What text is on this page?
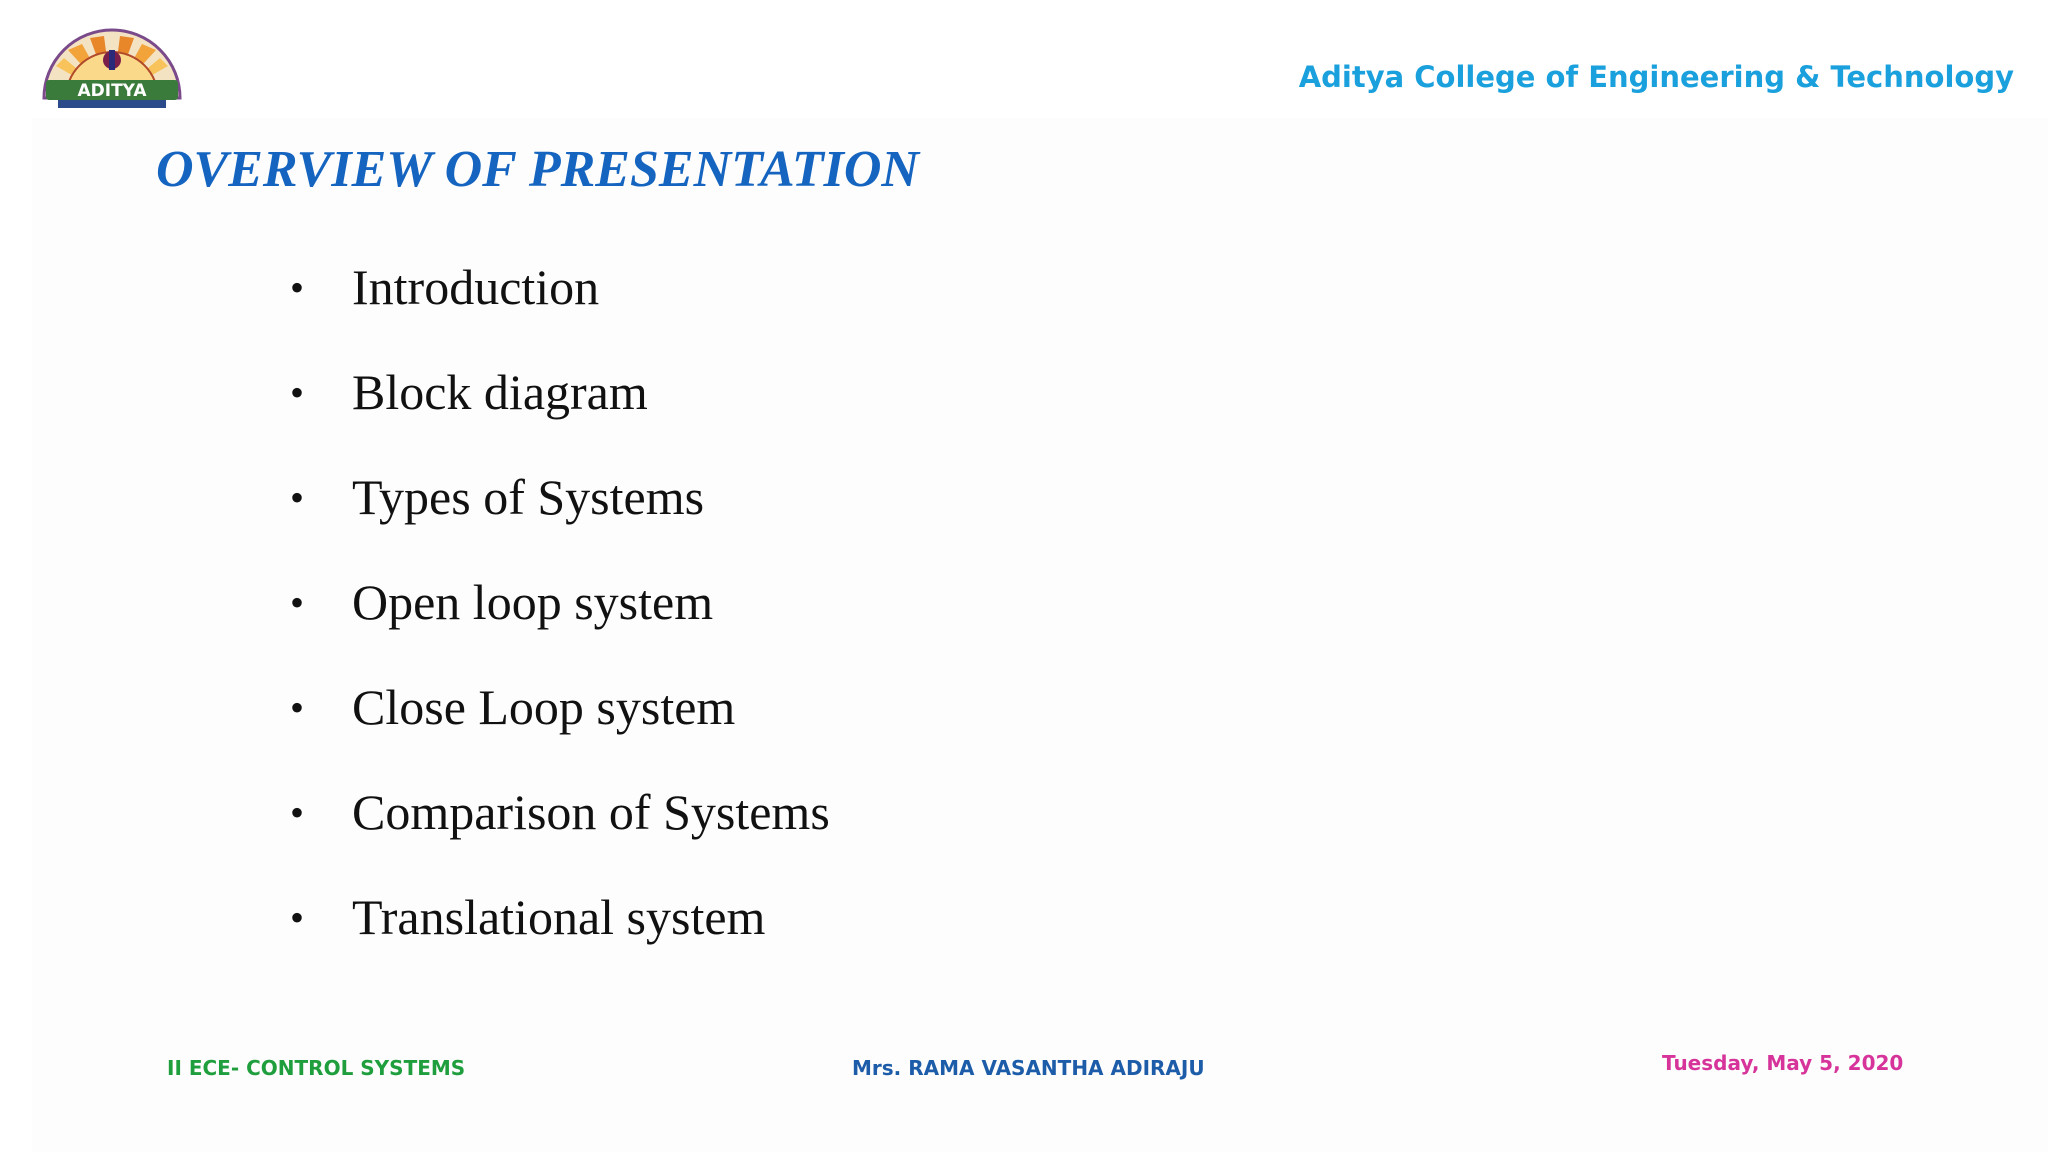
ADITYA	Aditya College of Engineering & Technology
OVERVIEW OF PRESENTATION
• Introduction
• Block diagram
• Types of Systems
• Open loop system
• Close Loop system
• Comparison of Systems
• Translational system
II ECE- CONTROL SYSTEMS	Mrs. RAMA VASANTHA ADIRAJU	Tuesday, May 5, 2020
